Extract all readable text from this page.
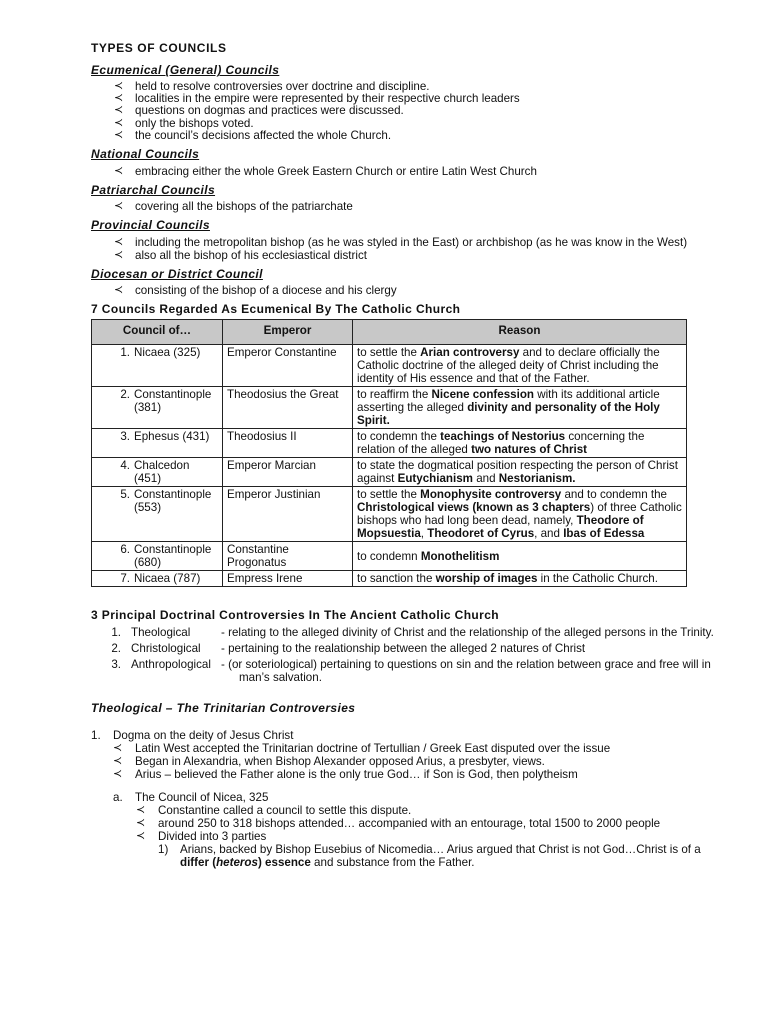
TYPES OF COUNCILS
Ecumenical (General) Councils
≺ held to resolve controversies over doctrine and discipline.
≺ localities in the empire were represented by their respective church leaders
≺ questions on dogmas and practices were discussed.
≺ only the bishops voted.
≺ the council’s decisions affected the whole Church.
National Councils
≺ embracing either the whole Greek Eastern Church or entire Latin West Church
Patriarchal Councils
≺ covering all the bishops of the patriarchate
Provincial Councils
≺ including the metropolitan bishop (as he was styled in the East) or archbishop (as he was know in the West)
≺ also all the bishop of his ecclesiastical district
Diocesan or District Council
≺ consisting of the bishop of a diocese and his clergy
7 Councils Regarded As Ecumenical By The Catholic Church
Council of…	Emperor	Reason

1. Nicaea (325)	Emperor Constantine	to settle the Arian controversy and to declare officially the Catholic doctrine of the alleged deity of Christ including the identity of His essence and that of the Father.

2. Constantinople (381)	Theodosius the Great	to reaffirm the Nicene confession with its additional article asserting the alleged divinity and personality of the Holy Spirit.

3. Ephesus (431)	Theodosius II	to condemn the teachings of Nestorius concerning the relation of the alleged two natures of Christ

4. Chalcedon (451)	Emperor Marcian	to state the dogmatical position respecting the person of Christ against Eutychianism and Nestorianism.

5. Constantinople (553)	Emperor Justinian	to settle the Monophysite controversy and to condemn the Christological views (known as 3 chapters) of three Catholic bishops who had long been dead, namely, Theodore of Mopsuestia, Theodoret of Cyrus, and Ibas of Edessa

6. Constantinople (680)	Constantine Progonatus	to condemn Monothelitism

7. Nicaea (787)	Empress Irene	to sanction the worship of images in the Catholic Church.
3 Principal Doctrinal Controversies In The Ancient Catholic Church
1. Theological	- relating to the alleged divinity of Christ and the relationship of the alleged persons in the Trinity.
2. Christological	- pertaining to the realationship between the alleged 2 natures of Christ
3. Anthropological - (or soteriological) pertaining to questions on sin and the relation between grace and free will in man’s salvation.
Theological – The Trinitarian Controversies
1.	Dogma on the deity of Jesus Christ
≺ Latin West accepted the Trinitarian doctrine of Tertullian / Greek East disputed over the issue
≺ Began in Alexandria, when Bishop Alexander opposed Arius, a presbyter, views.
≺ Arius – believed the Father alone is the only true God… if Son is God, then polytheism
a.	The Council of Nicea, 325
≺ Constantine called a council to settle this dispute.
≺ around 250 to 318 bishops attended… accompanied with an entourage, total 1500 to 2000 people
≺ Divided into 3 parties
1)	Arians, backed by Bishop Eusebius of Nicomedia… Arius argued that Christ is not God…Christ is of a differ (heteros) essence and substance from the Father.
